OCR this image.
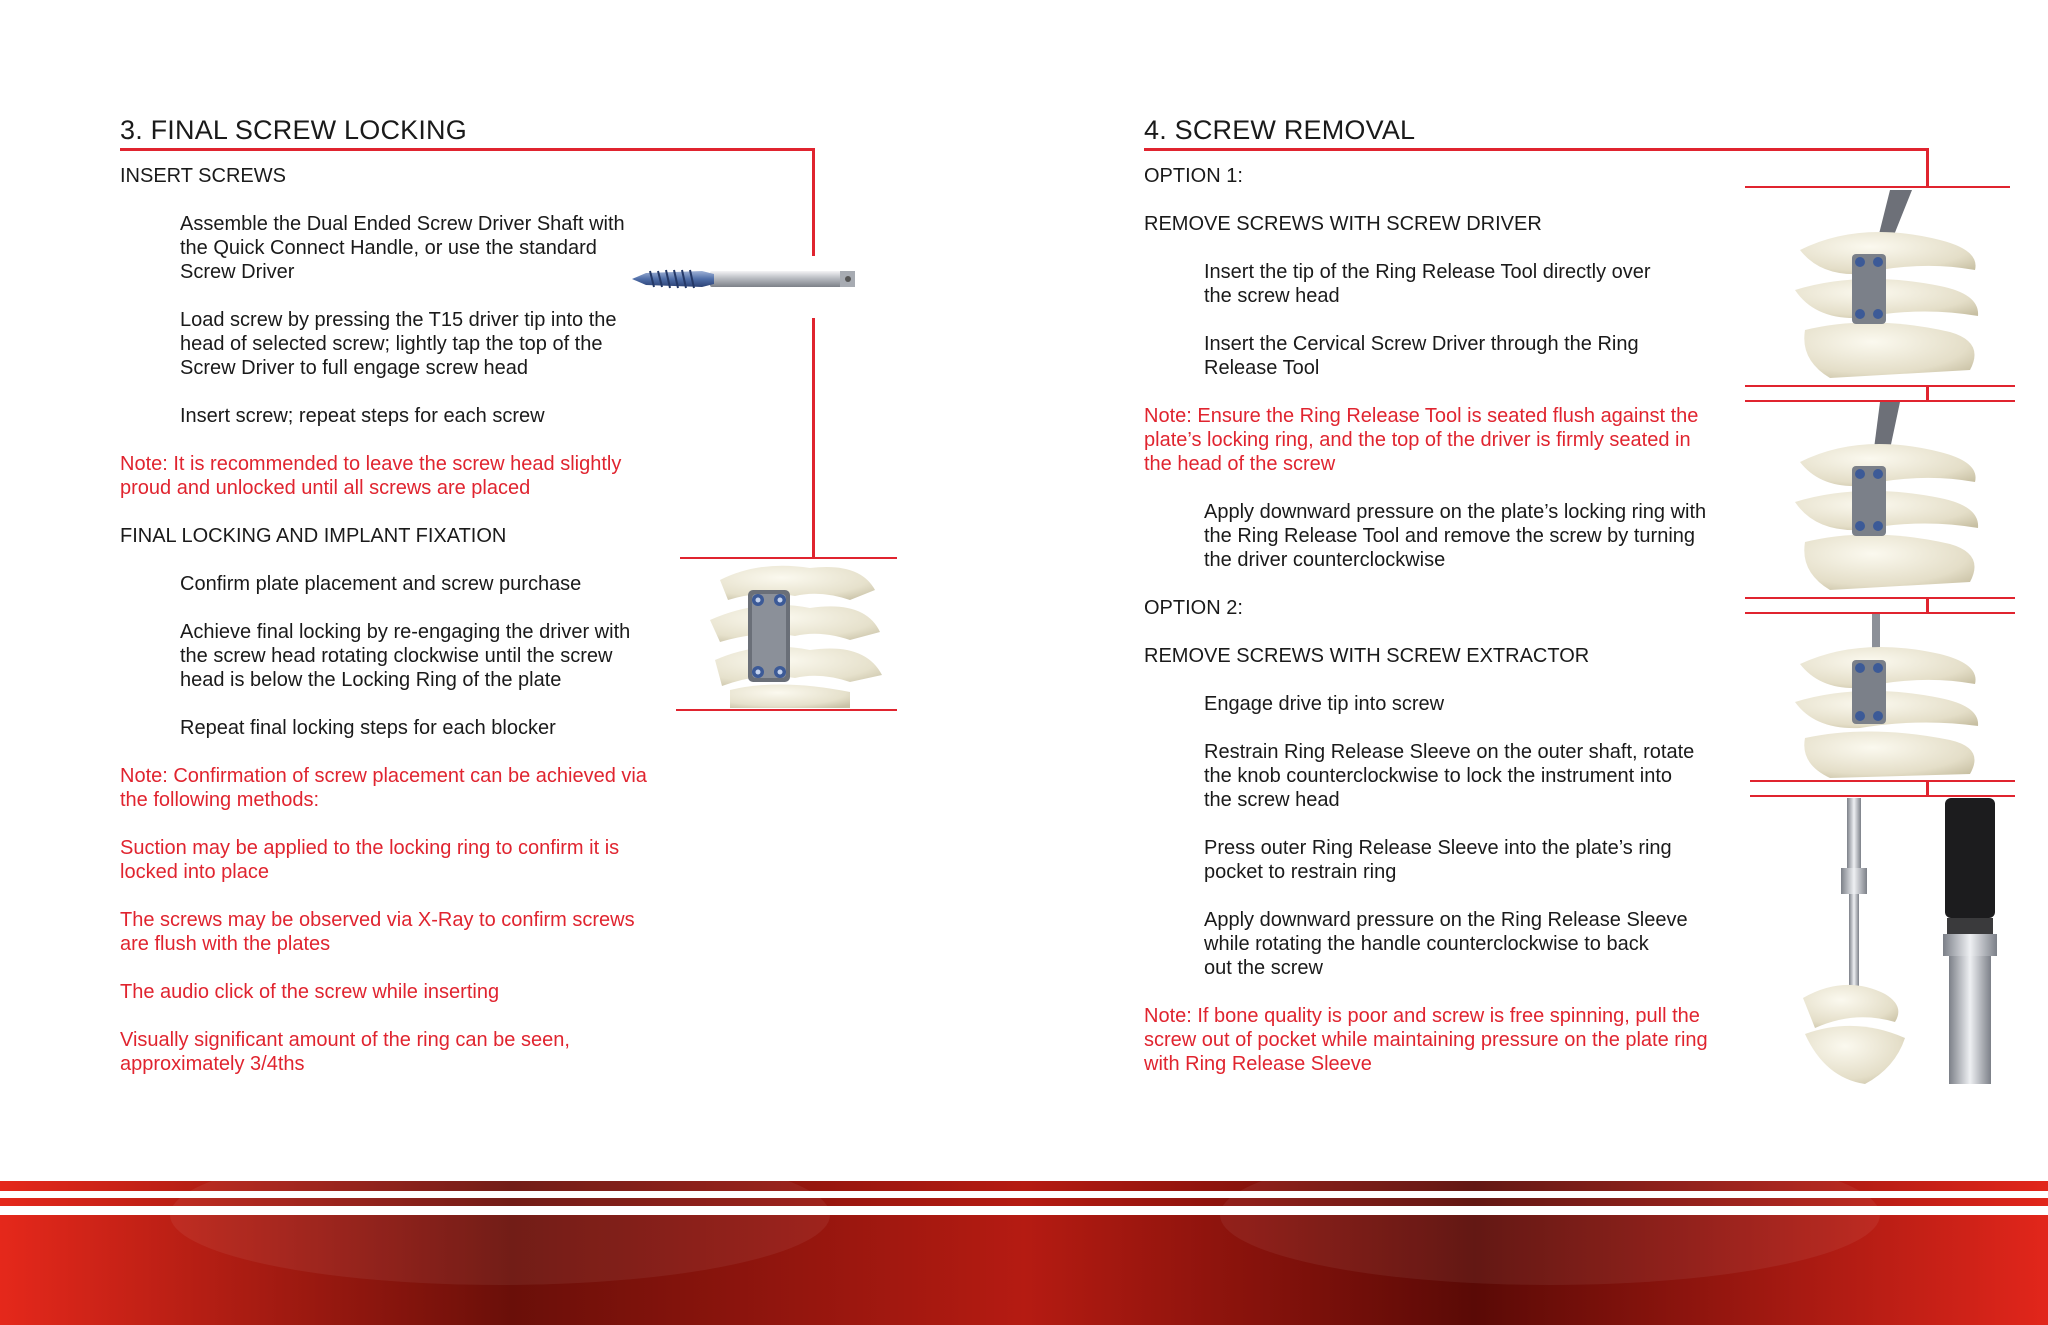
3. FINAL SCREW LOCKING
INSERT SCREWS
Assemble the Dual Ended Screw Driver Shaft with
the Quick Connect Handle, or use the standard
Screw Driver
Load screw by pressing the T15 driver tip into the
head of selected screw; lightly tap the top of the
Screw Driver to full engage screw head
Insert screw; repeat steps for each screw
Note: It is recommended to leave the screw head slightly
proud and unlocked until all screws are placed
FINAL LOCKING AND IMPLANT FIXATION
Confirm plate placement and screw purchase
Achieve final locking by re-engaging the driver with
the screw head rotating clockwise until the screw
head is below the Locking Ring of the plate
Repeat final locking steps for each blocker
Note: Confirmation of screw placement can be achieved via
the following methods:
Suction may be applied to the locking ring to confirm it is
locked into place
The screws may be observed via X-Ray to confirm screws
are flush with the plates
The audio click of the screw while inserting
Visually significant amount of the ring can be seen,
approximately 3/4ths
4. SCREW REMOVAL
OPTION 1:
REMOVE SCREWS WITH SCREW DRIVER
Insert the tip of the Ring Release Tool directly over
the screw head
Insert the Cervical Screw Driver through the Ring
Release Tool
Note: Ensure the Ring Release Tool is seated flush against the
plate’s locking ring, and the top of the driver is firmly seated in
the head of the screw
Apply downward pressure on the plate’s locking ring with
the Ring Release Tool and remove the screw by turning
the driver counterclockwise
OPTION 2:
REMOVE SCREWS WITH SCREW EXTRACTOR
Engage drive tip into screw
Restrain Ring Release Sleeve on the outer shaft, rotate
the knob counterclockwise to lock the instrument into
the screw head
Press outer Ring Release Sleeve into the plate’s ring
pocket to restrain ring
Apply downward pressure on the Ring Release Sleeve
while rotating the handle counterclockwise to back
out the screw
Note: If bone quality is poor and screw is free spinning, pull the
screw out of pocket while maintaining pressure on the plate ring
with Ring Release Sleeve
